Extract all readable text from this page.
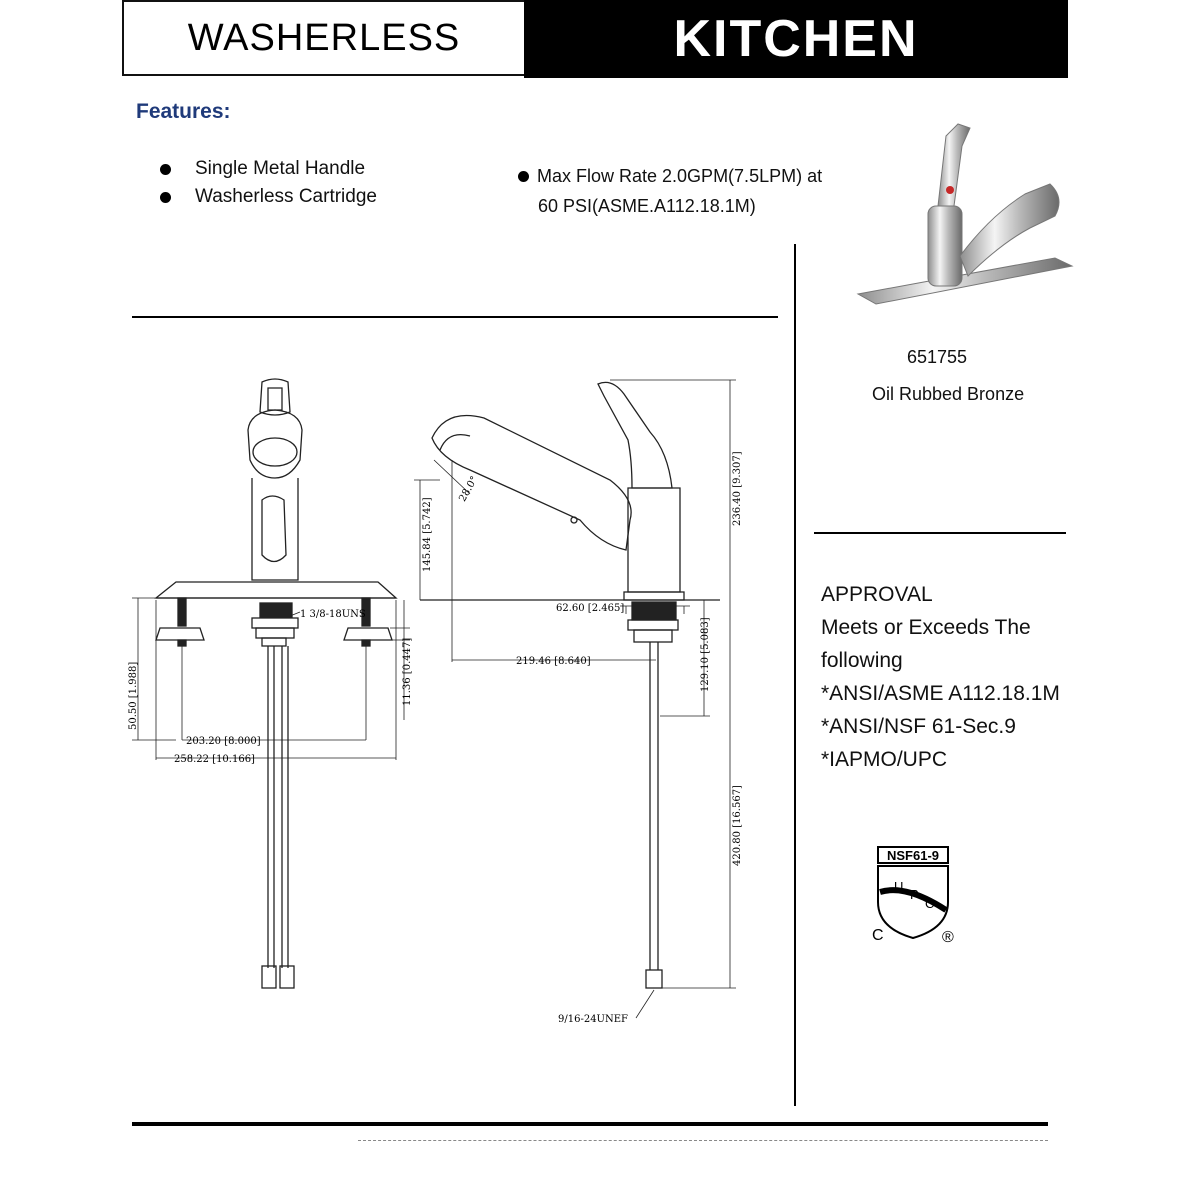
WASHERLESS	KITCHEN
Features:
Single Metal Handle
Washerless Cartridge
Max Flow Rate 2.0GPM(7.5LPM) at
60 PSI(ASME.A112.18.1M)
651755
Oil Rubbed Bronze
APPROVAL
Meets or Exceeds The
following
*ANSI/ASME A112.18.1M
*ANSI/NSF 61-Sec.9
*IAPMO/UPC
NSF61-9
U
P
C
C	®
1 3/8-18UNS
50.50 [1.988]
203.20 [8.000]
258.22 [10.166]
11.36 [0.447]
28.0°
145.84 [5.742]
236.40 [9.307]
62.60 [2.465]
219.46 [8.640]	129.10 [5.083]
420.80 [16.567]
9/16-24UNEF
